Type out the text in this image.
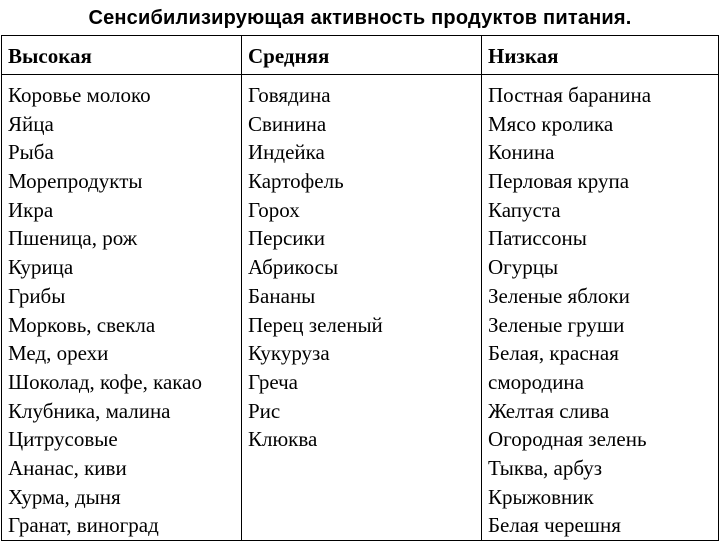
Сенсибилизирующая активность продуктов питания.
Высокая
Коровье молоко
Яйца
Рыба
Морепродукты
Икра
Пшеница, рож
Курица
Грибы
Морковь, свекла
Мед, орехи
Шоколад, кофе, какао
Клубника, малина
Цитрусовые
Ананас, киви
Хурма, дыня
Гранат, виноград
Средняя
Говядина
Свинина
Индейка
Картофель
Горох
Персики
Абрикосы
Бананы
Перец зеленый
Кукуруза
Греча
Рис
Клюква
Низкая
Постная баранина
Мясо кролика
Конина
Перловая крупа
Капуста
Патиссоны
Огурцы
Зеленые яблоки
Зеленые груши
Белая, красная
смородина
Желтая слива
Огородная зелень
Тыква, арбуз
Крыжовник
Белая черешня
